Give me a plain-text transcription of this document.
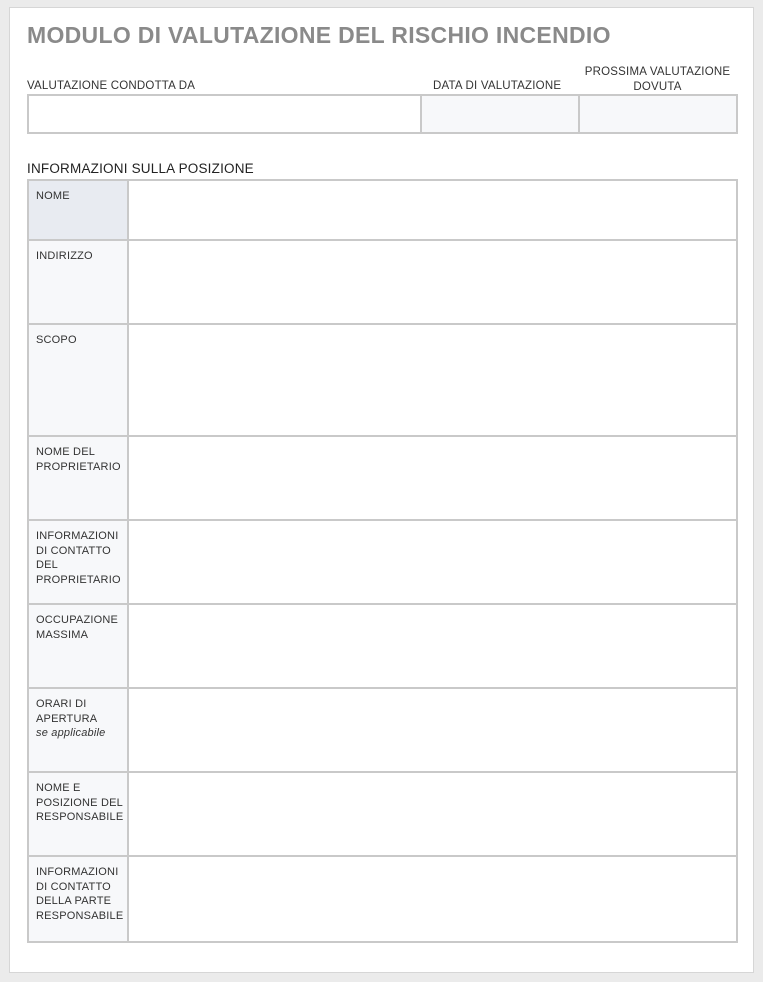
MODULO DI VALUTAZIONE DEL RISCHIO INCENDIO
VALUTAZIONE CONDOTTA DA	DATA DI VALUTAZIONE
PROSSIMA VALUTAZIONE DOVUTA
INFORMAZIONI SULLA POSIZIONE
NOME
INDIRIZZO
SCOPO
NOME DEL PROPRIETARIO
INFORMAZIONI DI CONTATTO DEL PROPRIETARIO
OCCUPAZIONE MASSIMA
ORARI DI APERTURA
se applicabile
NOME E POSIZIONE DEL RESPONSABILE
INFORMAZIONI DI CONTATTO DELLA PARTE RESPONSABILE
